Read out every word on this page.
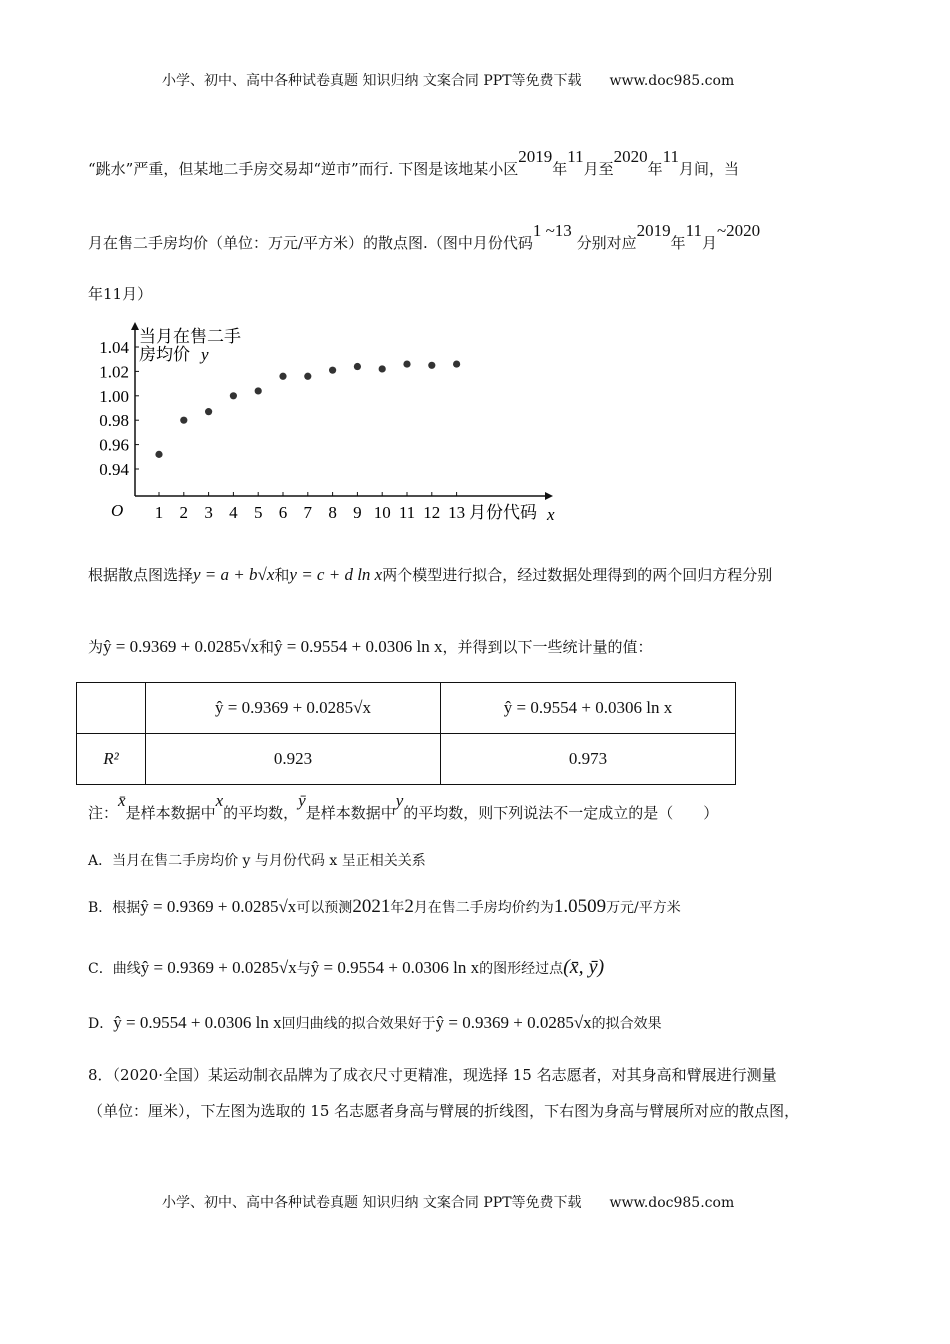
小学、初中、高中各种试卷真题 知识归纳 文案合同 PPT等免费下载　　www.doc985.com
“跳水”严重，但某地二手房交易却“逆市”而行. 下图是该地某小区2019年11月至2020年11月间，当
月在售二手房均价（单位：万元/平方米）的散点图.（图中月份代码1 ~13 分别对应2019年11月~2020
年11月）
0.94
0.96
0.98
1.00
1.02
1.04
1 2 3 4 5 6 7 8 9 10 11 12 13
当月在售二手
房均价 y
O	月份代码 x
根据散点图选择y = a + b√x和y = c + d ln x两个模型进行拟合，经过数据处理得到的两个回归方程分别
为ŷ = 0.9369 + 0.0285√x和ŷ = 0.9554 + 0.0306 ln x，并得到以下一些统计量的值：
	ŷ = 0.9369 + 0.0285√x	ŷ = 0.9554 + 0.0306 ln x
R²	0.923	0.973
注：x̄是样本数据中x的平均数，ȳ是样本数据中y的平均数，则下列说法不一定成立的是（　　）
A．当月在售二手房均价 y 与月份代码 x 呈正相关关系
B．根据ŷ = 0.9369 + 0.0285√x可以预测2021年2月在售二手房均价约为1.0509万元/平方米
C．曲线ŷ = 0.9369 + 0.0285√x与ŷ = 0.9554 + 0.0306 ln x的图形经过点(x̄, ȳ)
D．ŷ = 0.9554 + 0.0306 ln x回归曲线的拟合效果好于ŷ = 0.9369 + 0.0285√x的拟合效果
8．（2020·全国）某运动制衣品牌为了成衣尺寸更精准，现选择 15 名志愿者，对其身高和臂展进行测量
（单位：厘米），下左图为选取的 15 名志愿者身高与臂展的折线图，下右图为身高与臂展所对应的散点图，
小学、初中、高中各种试卷真题 知识归纳 文案合同 PPT等免费下载　　www.doc985.com
